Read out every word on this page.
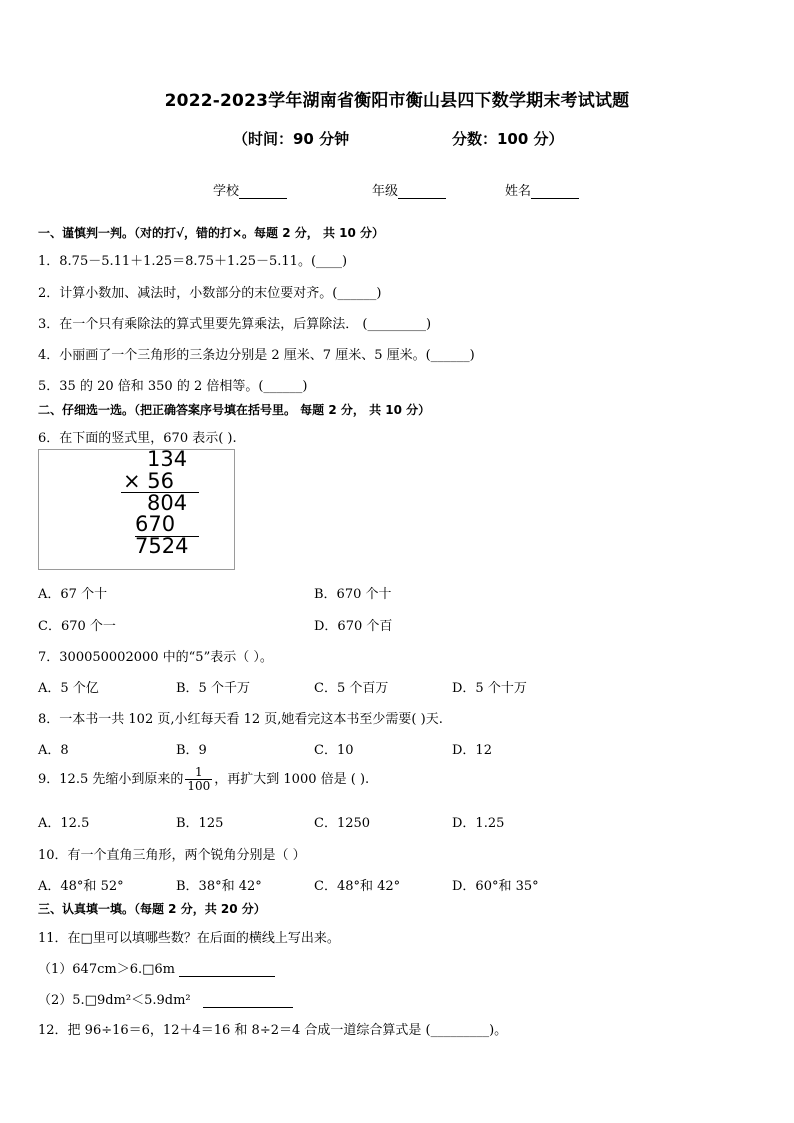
2022-2023学年湖南省衡阳市衡山县四下数学期末考试试题
（时间：90 分钟	分数：100 分）
学校	年级	姓名
一、谨慎判一判。（对的打√，错的打×。每题 2 分， 共 10 分）
1．8.75－5.11＋1.25＝8.75＋1.25－5.11。(____)
2．计算小数加、减法时，小数部分的末位要对齐。(______)
3．在一个只有乘除法的算式里要先算乘法，后算除法． (_________)
4．小丽画了一个三角形的三条边分别是 2 厘米、7 厘米、5 厘米。(______)
5．35 的 20 倍和 350 的 2 倍相等。(______)
二、仔细选一选。（把正确答案序号填在括号里。 每题 2 分， 共 10 分）
6．在下面的竖式里，670 表示( ).
134
× 56
804
670
7524
A．67 个十	B．670 个十
C．670 个一	D．670 个百
7．300050002000 中的“5”表示（ ）。
A．5 个亿	B．5 个千万	C．5 个百万	D．5 个十万
8．一本书一共 102 页,小红每天看 12 页,她看完这本书至少需要( )天.
A．8	B．9	C．10	D．12
9．12.5 先缩小到原来的 $\frac{1}{100}$ ，再扩大到 1000 倍是 ( ).
A．12.5	B．125	C．1250	D．1.25
10．有一个直角三角形，两个锐角分别是（ ）
A．48°和 52°	B．38°和 42°	C．48°和 42°	D．60°和 35°
三、认真填一填。（每题 2 分，共 20 分）
11．在□里可以填哪些数？在后面的横线上写出来。
（1）647cm＞6.□6m
（2）5.□9dm²＜5.9dm²
12．把 96÷16＝6，12＋4＝16 和 8÷2＝4 合成一道综合算式是 (_________)。
